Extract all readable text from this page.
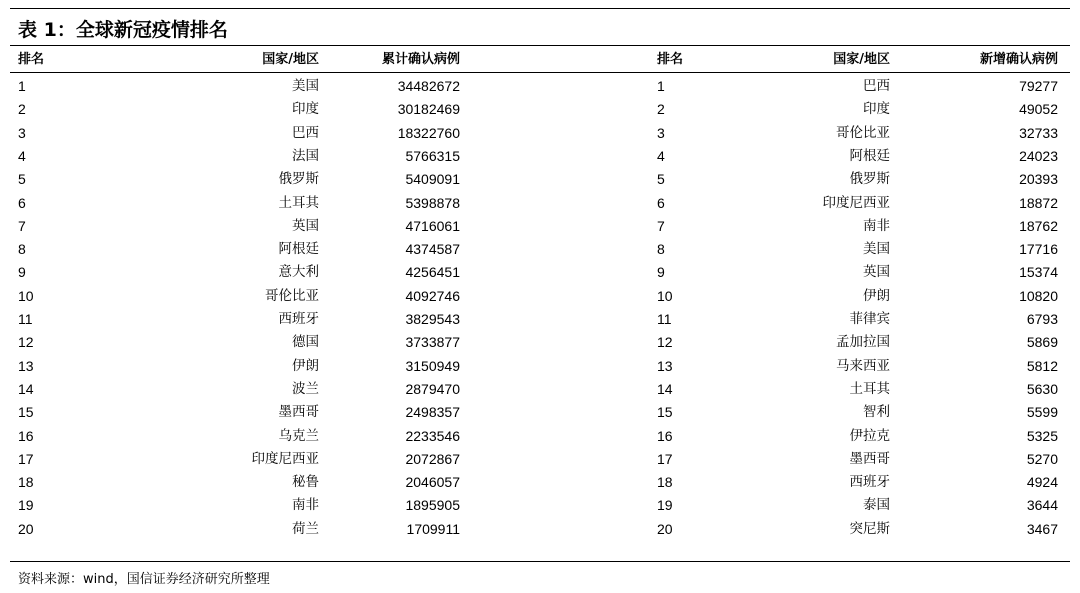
表 1：全球新冠疫情排名
排名	国家/地区	累计确认病例	排名	国家/地区	新增确认病例
1	美国	34482672	1	巴西	79277
2	印度	30182469	2	印度	49052
3	巴西	18322760	3	哥伦比亚	32733
4	法国	5766315	4	阿根廷	24023
5	俄罗斯	5409091	5	俄罗斯	20393
6	土耳其	5398878	6	印度尼西亚	18872
7	英国	4716061	7	南非	18762
8	阿根廷	4374587	8	美国	17716
9	意大利	4256451	9	英国	15374
10	哥伦比亚	4092746	10	伊朗	10820
11	西班牙	3829543	11	菲律宾	6793
12	德国	3733877	12	孟加拉国	5869
13	伊朗	3150949	13	马来西亚	5812
14	波兰	2879470	14	土耳其	5630
15	墨西哥	2498357	15	智利	5599
16	乌克兰	2233546	16	伊拉克	5325
17	印度尼西亚	2072867	17	墨西哥	5270
18	秘鲁	2046057	18	西班牙	4924
19	南非	1895905	19	泰国	3644
20	荷兰	1709911	20	突尼斯	3467
资料来源：wind，国信证券经济研究所整理
